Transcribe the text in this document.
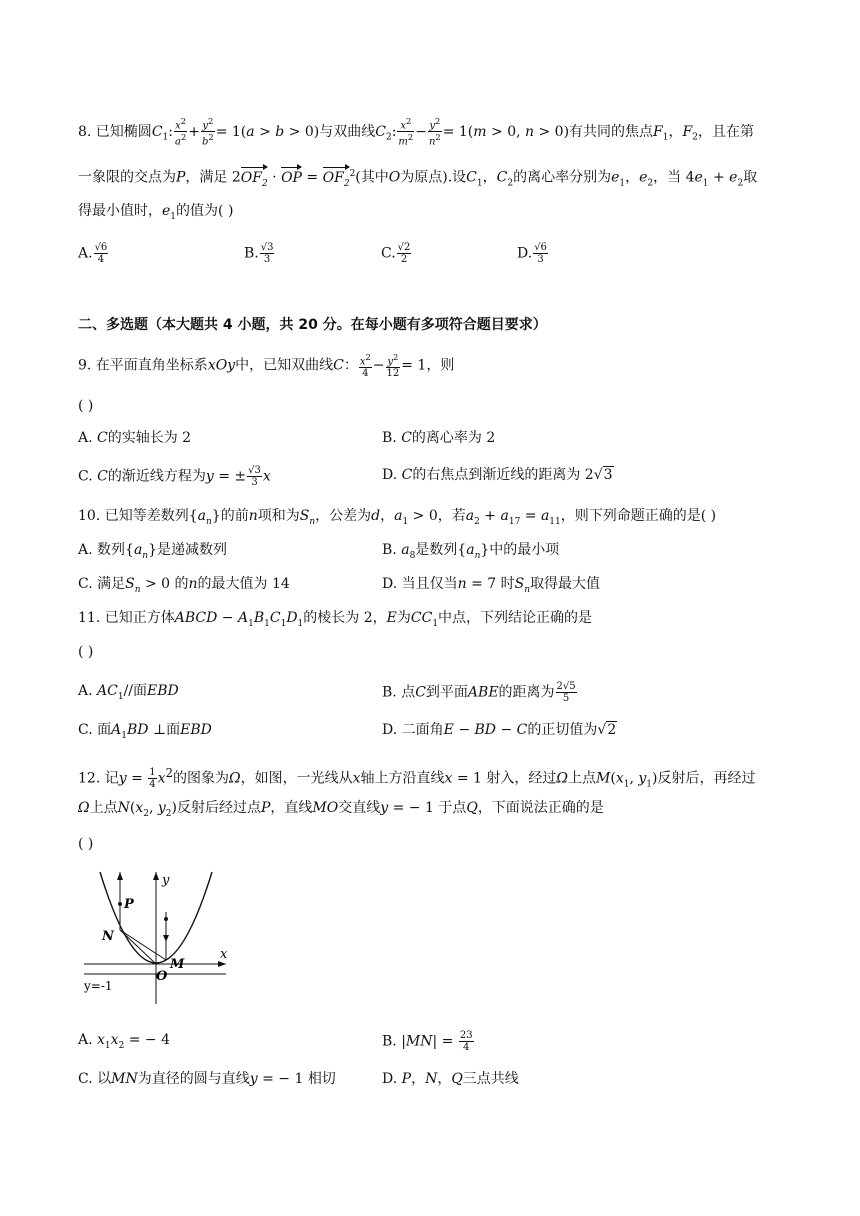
8. 已知椭圆$C_1$: $\frac{x^2}{a^2} + \frac{y^2}{b^2} = 1(a > b > 0)$与双曲线$C_2$: $\frac{x^2}{m^2} - \frac{y^2}{n^2} = 1(m > 0$, n > 0)有共同的焦点$F_1$，$F_2$，且在第
一象限的交点为P，满足 $2OF_2$ · OP = $OF_2^2$(其中O为原点).设$C_1$，$C_2$的离心率分别为$e_1$，$e_2$，当 $4e_1 + e_2$取
得最小值时，$e_1$的值为( )
A. $\frac{√6}{4}$	B. $\frac{√3}{3}$	C. $\frac{√2}{2}$	D. $\frac{√6}{3}$
二、多选题（本大题共 4 小题，共 20 分。在每小题有多项符合题目要求）
9. 在平面直角坐标系xOy中，已知双曲线C： $\frac{x^2}{4} - \frac{y^2}{12} = 1$，则
( )
A. C的实轴长为 2	B. C的离心率为 2
C. C的渐近线方程为y = ± $\frac{√3}{3}$ x	D. C的右焦点到渐近线的距离为 2√3
10. 已知等差数列$\{a_n\}$的前n项和为$S_n$，公差为d，$a_1 > 0$，若$a_2 + a_{17} = a_{11}$，则下列命题正确的是( )
A. 数列$\{a_n\}$是递减数列	B. $a_8$是数列$\{a_n\}$中的最小项
C. 满足$S_n > 0$ 的n的最大值为 14	D. 当且仅当n = 7 时$S_n$取得最大值
11. 已知正方体ABCD − $A_1B_1C_1D_1$的棱长为 2，E为$CC_1$中点，下列结论正确的是
( )
A. $AC_1//$面EBD	B. 点C到平面ABE的距离为 $\frac{2√5}{5}$
C. 面$A_1BD$ ⊥面EBD	D. 二面角E − BD − C的正切值为√2
12. 记$y = \frac{1}{4} x^2$的图象为Ω，如图，一光线从x轴上方沿直线x = 1 射入，经过Ω上点$M(x_1$, $y_1$)反射后，再经过
Ω上点$N(x_2$, $y_2$)反射后经过点P，直线MO交直线y = − 1 于点Q，下面说法正确的是
( )
y
x
P
N
M
O
y=-1
A. $x_1x_2$ = − 4	B. $|MN| = \frac{23}{4}$
C. 以MN为直径的圆与直线y = − 1 相切	D. P，N，Q三点共线
